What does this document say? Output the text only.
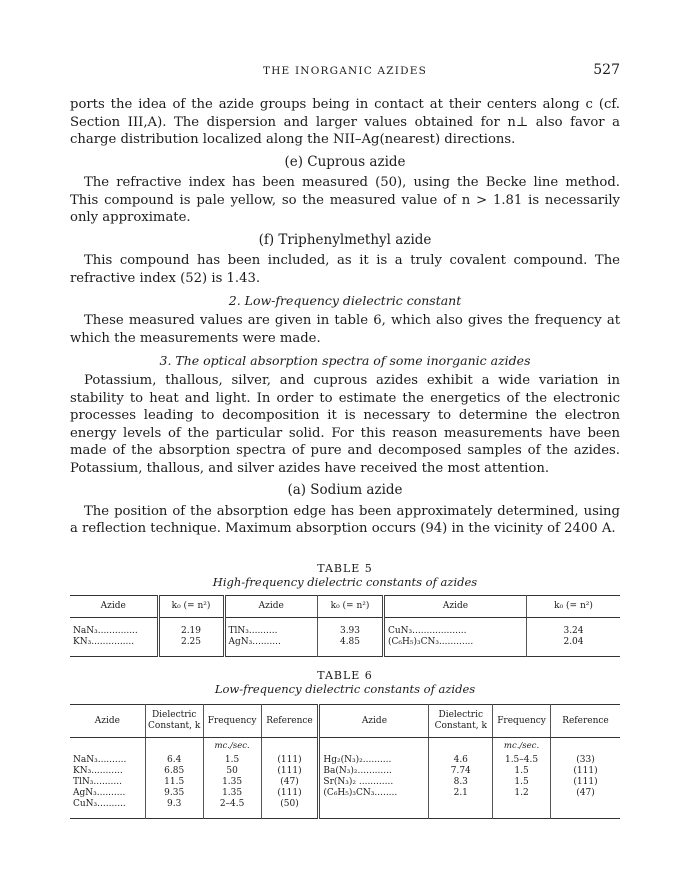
THE INORGANIC AZIDES	527

ports the idea of the azide groups being in contact at their centers along c (cf. Section III,A). The dispersion and larger values obtained for n⊥ also favor a charge distribution localized along the NII–Ag(nearest) directions.

(e) Cuprous azide

The refractive index has been measured (50), using the Becke line method. This compound is pale yellow, so the measured value of n > 1.81 is necessarily only approximate.

(f) Triphenylmethyl azide

This compound has been included, as it is a truly covalent compound. The refractive index (52) is 1.43.

2. Low-frequency dielectric constant

These measured values are given in table 6, which also gives the frequency at which the measurements were made.

3. The optical absorption spectra of some inorganic azides

Potassium, thallous, silver, and cuprous azides exhibit a wide variation in stability to heat and light. In order to estimate the energetics of the electronic processes leading to decomposition it is necessary to determine the electron energy levels of the particular solid. For this reason measurements have been made of the absorption spectra of pure and decomposed samples of the azides. Potassium, thallous, and silver azides have received the most attention.

(a) Sodium azide

The position of the absorption edge has been approximately determined, using a reflection technique. Maximum absorption occurs (94) in the vicinity of 2400 A.

TABLE 5
High-frequency dielectric constants of azides
Azide	k₀ (= n²)	Azide	k₀ (= n²)	Azide	k₀ (= n²)

NaN₃..............	2.19	TlN₃..........	3.93	CuN₃...................	3.24
KN₃...............	2.25	AgN₃..........	4.85	(C₆H₅)₃CN₃............	2.04

TABLE 6
Low-frequency dielectric constants of azides
Azide	Dielectric Constant, k	Frequency	Reference	Azide	Dielectric Constant, k	Frequency	Reference
		mc./sec.				mc./sec.	
NaN₃..........	6.4	1.5	(111)	Hg₂(N₃)₂..........	4.6	1.5–4.5	(33)
KN₃...........	6.85	50	(111)	Ba(N₃)₂............	7.74	1.5	(111)
TlN₃..........	11.5	1.35	(47)	Sr(N₃)₂ ............	8.3	1.5	(111)
AgN₃..........	9.35	1.35	(111)	(C₆H₅)₃CN₃........	2.1	1.2	(47)
CuN₃..........	9.3	2–4.5	(50)				
